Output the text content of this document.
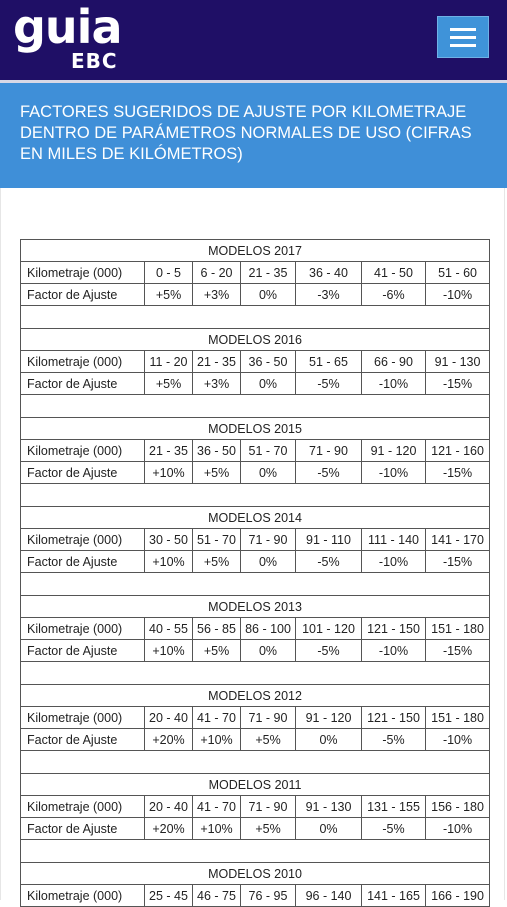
guia
EBC
FACTORES SUGERIDOS DE AJUSTE POR KILOMETRAJE DENTRO DE PARÁMETROS NORMALES DE USO (CIFRAS EN MILES DE KILÓMETROS)
MODELOS 2017						
Kilometraje (000)	0 - 5	6 - 20	21 - 35	36 - 40	41 - 50	51 - 60
Factor de Ajuste	+5%	+3%	0%	-3%	-6%	-10%

MODELOS 2016						
Kilometraje (000)	11 - 20	21 - 35	36 - 50	51 - 65	66 - 90	91 - 130
Factor de Ajuste	+5%	+3%	0%	-5%	-10%	-15%

MODELOS 2015						
Kilometraje (000)	21 - 35	36 - 50	51 - 70	71 - 90	91 - 120	121 - 160
Factor de Ajuste	+10%	+5%	0%	-5%	-10%	-15%

MODELOS 2014						
Kilometraje (000)	30 - 50	51 - 70	71 - 90	91 - 110	111 - 140	141 - 170
Factor de Ajuste	+10%	+5%	0%	-5%	-10%	-15%

MODELOS 2013						
Kilometraje (000)	40 - 55	56 - 85	86 - 100	101 - 120	121 - 150	151 - 180
Factor de Ajuste	+10%	+5%	0%	-5%	-10%	-15%

MODELOS 2012						
Kilometraje (000)	20 - 40	41 - 70	71 - 90	91 - 120	121 - 150	151 - 180
Factor de Ajuste	+20%	+10%	+5%	0%	-5%	-10%

MODELOS 2011						
Kilometraje (000)	20 - 40	41 - 70	71 - 90	91 - 130	131 - 155	156 - 180
Factor de Ajuste	+20%	+10%	+5%	0%	-5%	-10%

MODELOS 2010						
Kilometraje (000)	25 - 45	46 - 75	76 - 95	96 - 140	141 - 165	166 - 190
